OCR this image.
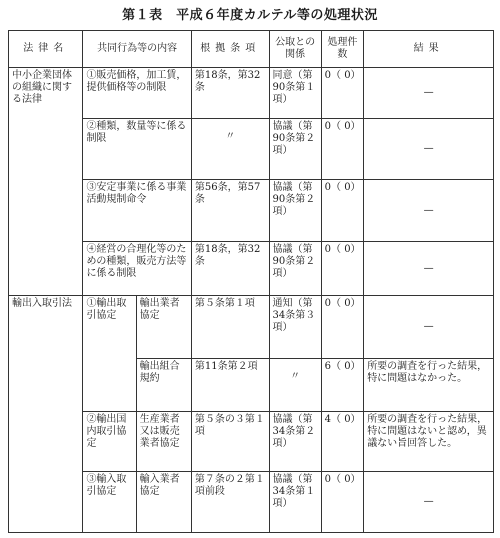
第１表　平成６年度カルテル等の処理状況
法律名	共同行為等の内容		根拠条項	公取との関係	処理件数	結果
中小企業団体の組織に関する法律	①販売価格，加工賃，提供価格等の制限		第18条，第32条	同意（第90条第１項）	0（ 0）	—
	②種類，数量等に係る制限		〃	協議（第90条第２項）	0（ 0）	—
	③安定事業に係る事業活動規制命令		第56条，第57条	協議（第90条第２項）	0（ 0）	—
	④経営の合理化等のための種類，販売方法等に係る制限		第18条，第32条	協議（第90条第２項）	0（ 0）	—
輸出入取引法	①輸出取引協定	輸出業者協定	第５条第１項	通知（第34条第３項）	0（ 0）	—
		輸出組合規約	第11条第２項	〃	6（ 0）	所要の調査を行った結果，特に問題はなかった。
	②輸出国内取引協定	生産業者又は販売業者協定	第５条の３第１項	協議（第34条第２項）	4（ 0）	所要の調査を行った結果，特に問題はないと認め，異議ない旨回答した。
	③輸入取引協定	輸入業者協定	第７条の２第１項前段	協議（第34条第１項）	0（ 0）	—
